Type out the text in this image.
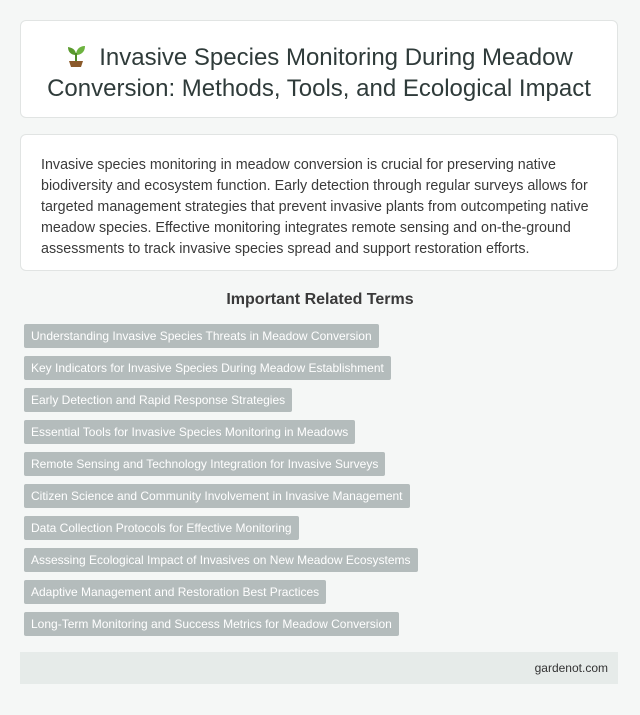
Invasive Species Monitoring During Meadow Conversion: Methods, Tools, and Ecological Impact

Invasive species monitoring in meadow conversion is crucial for preserving native biodiversity and ecosystem function. Early detection through regular surveys allows for targeted management strategies that prevent invasive plants from outcompeting native meadow species. Effective monitoring integrates remote sensing and on-the-ground assessments to track invasive species spread and support restoration efforts.

Important Related Terms
Understanding Invasive Species Threats in Meadow Conversion
Key Indicators for Invasive Species During Meadow Establishment
Early Detection and Rapid Response Strategies
Essential Tools for Invasive Species Monitoring in Meadows
Remote Sensing and Technology Integration for Invasive Surveys
Citizen Science and Community Involvement in Invasive Management
Data Collection Protocols for Effective Monitoring
Assessing Ecological Impact of Invasives on New Meadow Ecosystems
Adaptive Management and Restoration Best Practices
Long-Term Monitoring and Success Metrics for Meadow Conversion
gardenot.com
